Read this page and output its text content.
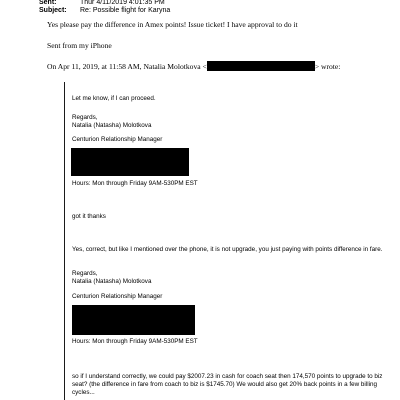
Sent:	Thur 4/11/2019 4:01:35 PM
Subject: Re: Possible flight for Karyna
Yes please pay the difference in Amex points! Issue ticket! I have approval to do it
Sent from my iPhone
On Apr 11, 2019, at 11:58 AM, Natalia Molotkova <	> wrote:
Let me know, if I can proceed.
Regards,
Natalia (Natasha) Molotkova
Centurion Relationship Manager
Hours: Mon through Friday 9AM-530PM EST
got it thanks
Yes, correct, but like I mentioned over the phone, it is not upgrade, you just paying with points difference in fare.
Regards,
Natalia (Natasha) Molotkova
Centurion Relationship Manager
Hours: Mon through Friday 9AM-530PM EST
so if I understand correctly, we could pay $2007.23 in cash for coach seat then 174,570 points to upgrade to biz seat? (the difference in fare from coach to biz is $1745.70) We would also get 20% back points in a few billing cycles...
